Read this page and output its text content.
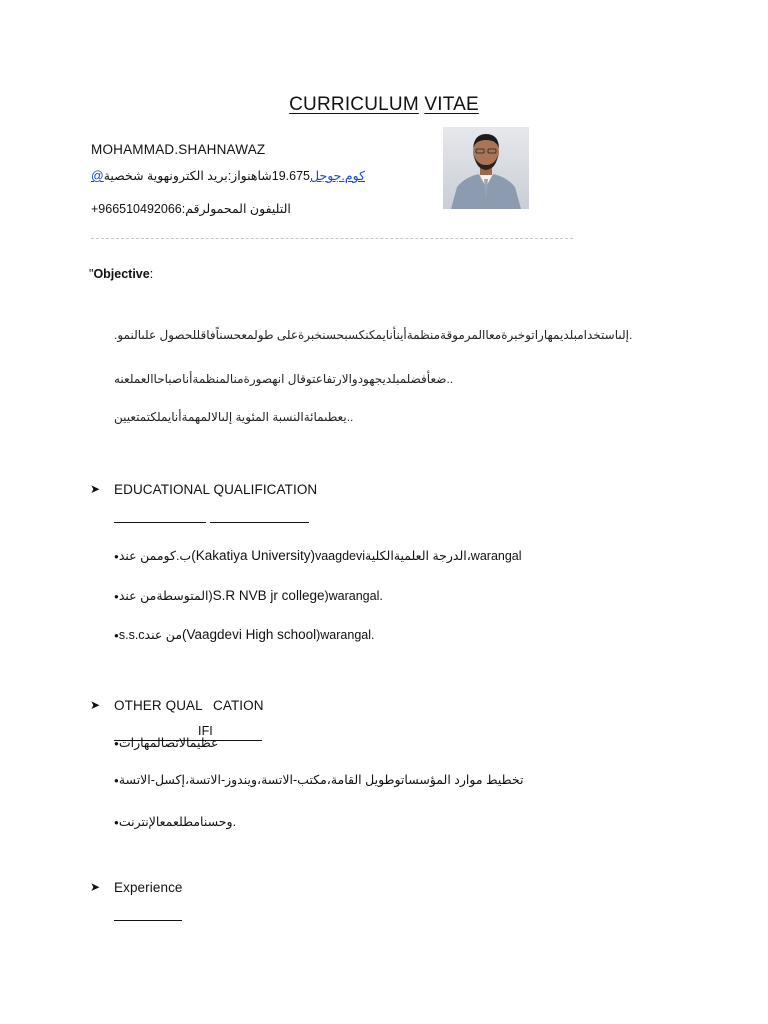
CURRICULUM VITAE
MOHAMMAD.SHAHNAWAZ
@كوم.جوجل19.675شاهنواز:بريد الكترونهوية شخصية
+966510492066:التليفون المحمولرقم
"Objective:
.إلىاستخدامبلديمهاراتوخبرةمعاالمرموقةمنظمةأينأنايمكنكسبحسنخبرةعلى طولمعحسناًفاقللحصول علىالنمو.
ضعأفضلمبلديجهودوالارتفاعتوقال انهصورةمنالمنظمةأناصباحاالعملعنه..
يعطىمائةالنسبة المئوية إلىالالمهمةأنايملكتمتعيين..
➤ EDUCATIONAL QUALIFICATION
●ب.كوممن عند(Kakatiya University)vaagdeviالدرجة العلميةالكلية،warangal
●المتوسطةمن عند)S.R NVB jr college)warangal.
●s.s.cمن عند(Vaagdevi High school)warangal.
➤ OTHER QUAL CATION
IFI
●عظيمالاتصالمهارات
●تخطيط موارد المؤسساتوطويل القامة،مكتب-الاتسة،ويندوز-الاتسة،إكسل-الاتسة
●وحسنامطلعمعالإنترنت.
➤ Experience
